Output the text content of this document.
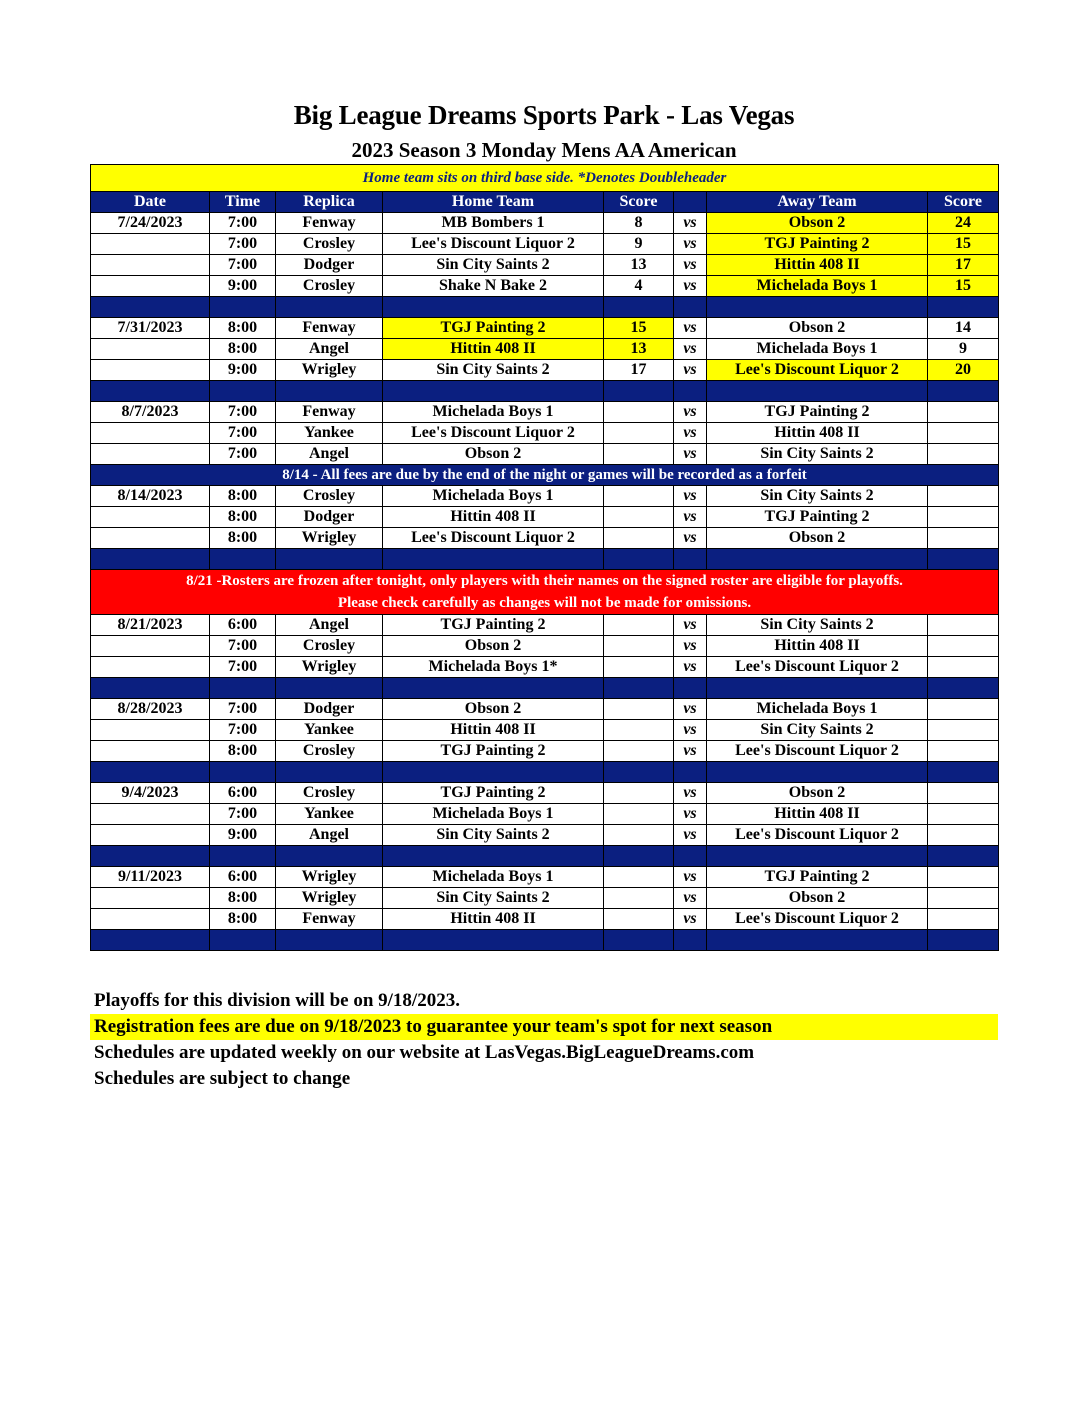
Big League Dreams Sports Park - Las Vegas
2023 Season 3 Monday Mens AA American
Home team sits on third base side. *Denotes Doubleheader							
Date	Time	Replica	Home Team	Score		Away Team	Score
7/24/2023	7:00	Fenway	MB Bombers 1	8	vs	Obson 2	24
	7:00	Crosley	Lee's Discount Liquor 2	9	vs	TGJ Painting 2	15
	7:00	Dodger	Sin City Saints 2	13	vs	Hittin 408 II	17
	9:00	Crosley	Shake N Bake 2	4	vs	Michelada Boys 1	15

7/31/2023	8:00	Fenway	TGJ Painting 2	15	vs	Obson 2	14
	8:00	Angel	Hittin 408 II	13	vs	Michelada Boys 1	9
	9:00	Wrigley	Sin City Saints 2	17	vs	Lee's Discount Liquor 2	20

8/7/2023	7:00	Fenway	Michelada Boys 1		vs	TGJ Painting 2	
	7:00	Yankee	Lee's Discount Liquor 2		vs	Hittin 408 II	
	7:00	Angel	Obson 2		vs	Sin City Saints 2	
8/14 - All fees are due by the end of the night or games will be recorded as a forfeit							
8/14/2023	8:00	Crosley	Michelada Boys 1		vs	Sin City Saints 2	
	8:00	Dodger	Hittin 408 II		vs	TGJ Painting 2	
	8:00	Wrigley	Lee's Discount Liquor 2		vs	Obson 2	

8/21 -Rosters are frozen after tonight, only players with their names on the signed roster are eligible for playoffs.
Please check carefully as changes will not be made for omissions.							

8/21/2023	6:00	Angel	TGJ Painting 2		vs	Sin City Saints 2	
	7:00	Crosley	Obson 2		vs	Hittin 408 II	
	7:00	Wrigley	Michelada Boys 1*		vs	Lee's Discount Liquor 2	

8/28/2023	7:00	Dodger	Obson 2		vs	Michelada Boys 1	
	7:00	Yankee	Hittin 408 II		vs	Sin City Saints 2	
	8:00	Crosley	TGJ Painting 2		vs	Lee's Discount Liquor 2	

9/4/2023	6:00	Crosley	TGJ Painting 2		vs	Obson 2	
	7:00	Yankee	Michelada Boys 1		vs	Hittin 408 II	
	9:00	Angel	Sin City Saints 2		vs	Lee's Discount Liquor 2	

9/11/2023	6:00	Wrigley	Michelada Boys 1		vs	TGJ Painting 2	
	8:00	Wrigley	Sin City Saints 2		vs	Obson 2	
	8:00	Fenway	Hittin 408 II		vs	Lee's Discount Liquor 2	

Playoffs for this division will be on 9/18/2023.
Registration fees are due on 9/18/2023 to guarantee your team's spot for next season
Schedules are updated weekly on our website at LasVegas.BigLeagueDreams.com
Schedules are subject to change
